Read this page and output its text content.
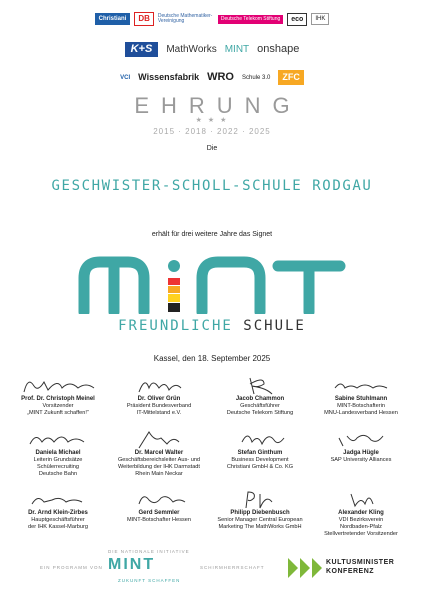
Christiani	DB	Deutsche Mathematiker-Vereinigung	Deutsche Telekom Stiftung	eco	IHK
K+S	MathWorks MINT onshape
VCI Wissensfabrik WRO Schule 3.0	ZFC
EHRUNG
★ ★ ★
2015 · 2018 · 2022 · 2025
Die
GESCHWISTER-SCHOLL-SCHULE RODGAU
erhält für drei weitere Jahre das Signet
FREUNDLICHE SCHULE
Kassel, den 18. September 2025
Prof. Dr. Christoph Meinel
Vorsitzender
„MINT Zukunft schaffen!“
Dr. Oliver Grün
Präsident Bundesverband
IT-Mittelstand e.V.
Jacob Chammon
Geschäftsführer
Deutsche Telekom Stiftung
Sabine Stuhlmann
MINT-Botschafterin
MNU-Landesverband Hessen
Daniela Michael
Leiterin Grundsätze
Schülerrecruiting
Deutsche Bahn
Dr. Marcel Walter
Geschäftsbereichsleiter Aus- und
Weiterbildung der IHK Darmstadt
Rhein Main Neckar
Stefan Ginthum
Business Development
Christiani GmbH & Co. KG
Jadga Hügle
SAP University Alliances
Dr. Arnd Klein-Zirbes
Hauptgeschäftsführer
der IHK Kassel-Marburg
Gerd Semmler
MINT-Botschafter Hessen
Philipp Diebenbusch
Senior Manager Central European
Marketing The MathWorks GmbH
Alexander Kling
VDI Bezirksverein
Nordbaden-Pfalz
Stellvertretender Vorsitzender
DIE NATIONALE INITIATIVE
EIN PROGRAMM VON MINT
ZUKUNFT SCHAFFEN
SCHIRMHERRSCHAFT
KULTUSMINISTER
KONFERENZ
